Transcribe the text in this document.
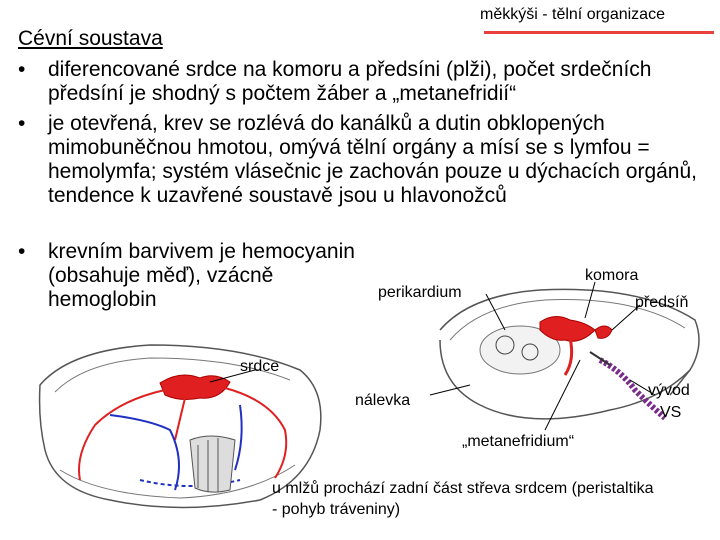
měkkýši - tělní organizace
Cévní soustava
• diferencované srdce na komoru a předsíni (plži), počet srdečních předsíní je shodný s počtem žáber a „metanefridií“
• je otevřená, krev se rozlévá do kanálků a dutin obklopených mimobuněčnou hmotou, omývá tělní orgány a mísí se s lymfou = hemolymfa; systém vlásečnic je zachován pouze u dýchacích orgánů, tendence k uzavřené soustavě jsou u hlavonožců
• krevním barvivem je hemocyanin (obsahuje měď), vzácně hemoglobin
komora
perikardium
předsíň
srdce
nálevka
vývod
VS
„metanefridium“
u mlžů prochází zadní část střeva srdcem (peristaltika - pohyb tráveniny)
